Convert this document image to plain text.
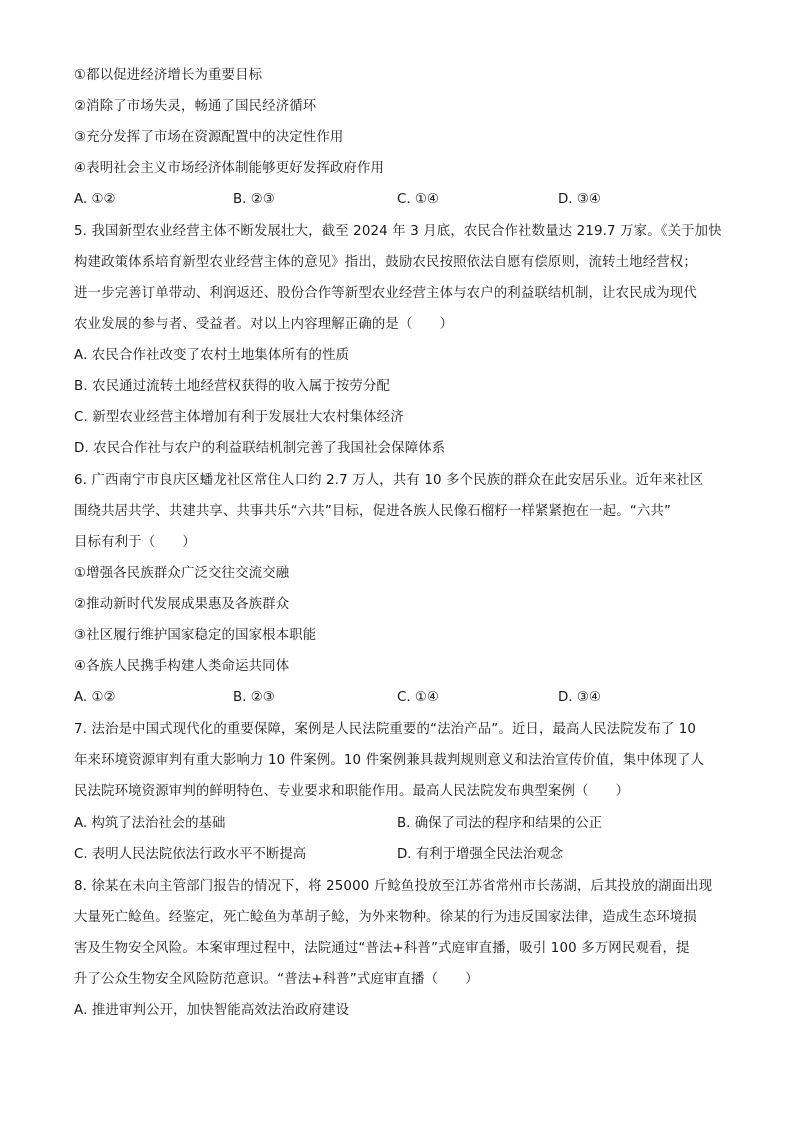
①都以促进经济增长为重要目标
②消除了市场失灵，畅通了国民经济循环
③充分发挥了市场在资源配置中的决定性作用
④表明社会主义市场经济体制能够更好发挥政府作用
A. ①②	B. ②③	C. ①④	D. ③④
5. 我国新型农业经营主体不断发展壮大，截至 2024 年 3 月底，农民合作社数量达 219.7 万家。《关于加快
构建政策体系培育新型农业经营主体的意见》指出，鼓励农民按照依法自愿有偿原则，流转土地经营权；
进一步完善订单带动、利润返还、股份合作等新型农业经营主体与农户的利益联结机制，让农民成为现代
农业发展的参与者、受益者。对以上内容理解正确的是（　　）
A. 农民合作社改变了农村土地集体所有的性质
B. 农民通过流转土地经营权获得的收入属于按劳分配
C. 新型农业经营主体增加有利于发展壮大农村集体经济
D. 农民合作社与农户的利益联结机制完善了我国社会保障体系
6. 广西南宁市良庆区蟠龙社区常住人口约 2.7 万人，共有 10 多个民族的群众在此安居乐业。近年来社区
围绕共居共学、共建共享、共事共乐“六共”目标，促进各族人民像石榴籽一样紧紧抱在一起。“六共”
目标有利于（　　）
①增强各民族群众广泛交往交流交融
②推动新时代发展成果惠及各族群众
③社区履行维护国家稳定的国家根本职能
④各族人民携手构建人类命运共同体
A. ①②	B. ②③	C. ①④	D. ③④
7. 法治是中国式现代化的重要保障，案例是人民法院重要的“法治产品”。近日，最高人民法院发布了 10
年来环境资源审判有重大影响力 10 件案例。10 件案例兼具裁判规则意义和法治宣传价值，集中体现了人
民法院环境资源审判的鲜明特色、专业要求和职能作用。最高人民法院发布典型案例（　　）
A. 构筑了法治社会的基础	B. 确保了司法的程序和结果的公正
C. 表明人民法院依法行政水平不断提高	D. 有利于增强全民法治观念
8. 徐某在未向主管部门报告的情况下，将 25000 斤鲶鱼投放至江苏省常州市长荡湖，后其投放的湖面出现
大量死亡鲶鱼。经鉴定，死亡鲶鱼为革胡子鲶，为外来物种。徐某的行为违反国家法律，造成生态环境损
害及生物安全风险。本案审理过程中，法院通过“普法+科普”式庭审直播，吸引 100 多万网民观看，提
升了公众生物安全风险防范意识。“普法+科普”式庭审直播（　　）
A. 推进审判公开，加快智能高效法治政府建设
